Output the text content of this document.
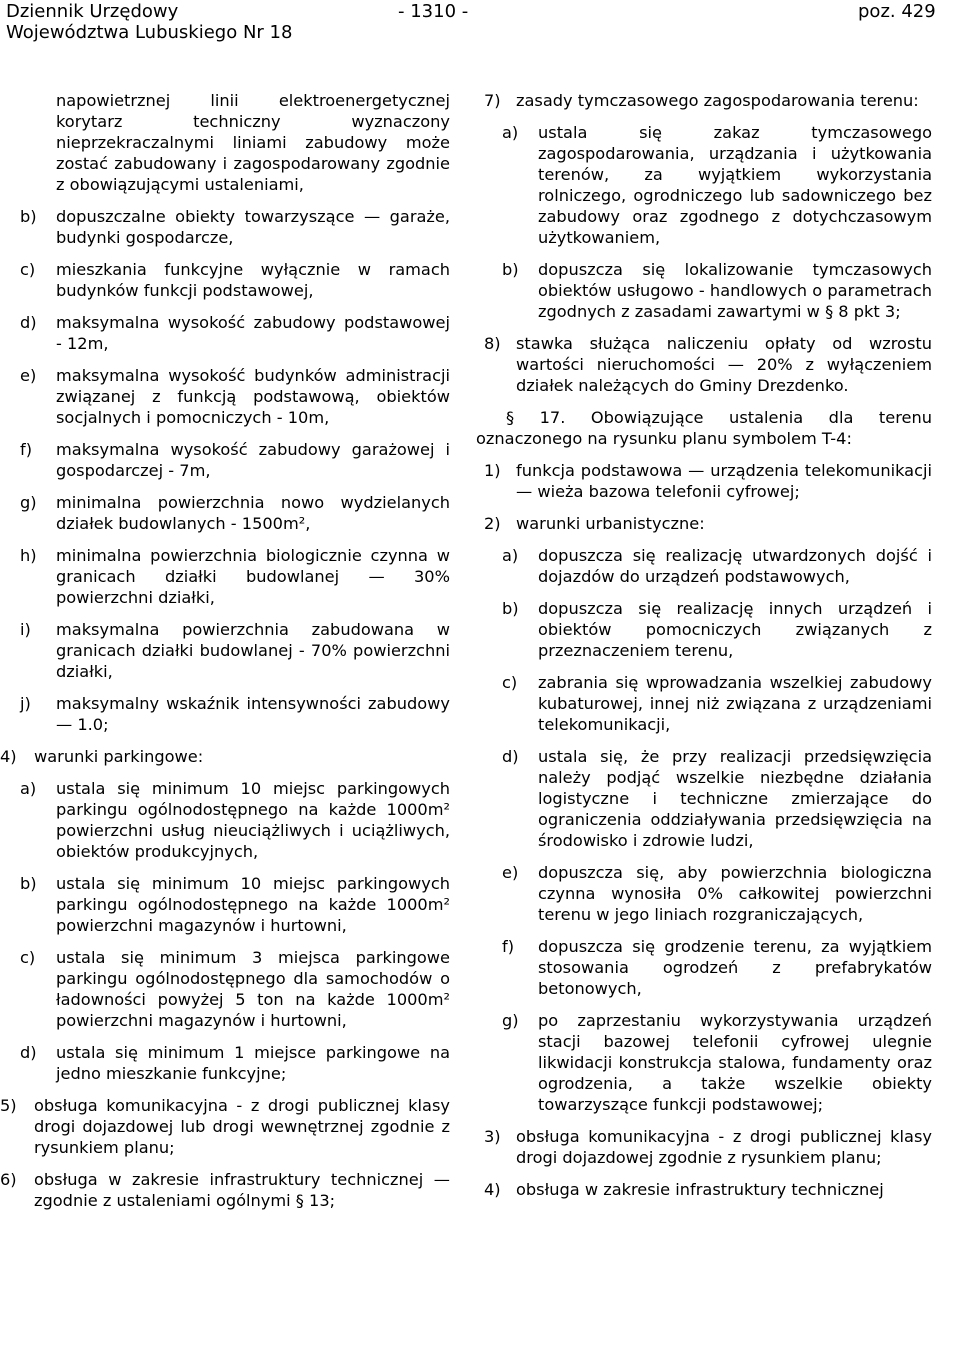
Dziennik Urzędowy
Województwa Lubuskiego Nr 18
- 1310 -	poz. 429
napowietrznej linii elektroenergetycznej korytarz techniczny wyznaczony nieprzekraczalnymi liniami zabudowy może zostać zabudowany i zagospodarowany zgodnie z obowiązującymi ustaleniami,
b) dopuszczalne obiekty towarzyszące — garaże, budynki gospodarcze,
c) mieszkania funkcyjne wyłącznie w ramach budynków funkcji podstawowej,
d) maksymalna wysokość zabudowy podstawowej - 12m,
e) maksymalna wysokość budynków administracji związanej z funkcją podstawową, obiektów socjalnych i pomocniczych - 10m,
f) maksymalna wysokość zabudowy garażowej i gospodarczej - 7m,
g) minimalna powierzchnia nowo wydzielanych działek budowlanych - 1500m²,
h) minimalna powierzchnia biologicznie czynna w granicach działki budowlanej — 30% powierzchni działki,
i) maksymalna powierzchnia zabudowana w granicach działki budowlanej - 70% powierzchni działki,
j) maksymalny wskaźnik intensywności zabudowy — 1.0;
4) warunki parkingowe:
a) ustala się minimum 10 miejsc parkingowych parkingu ogólnodostępnego na każde 1000m² powierzchni usług nieuciążliwych i uciążliwych, obiektów produkcyjnych,
b) ustala się minimum 10 miejsc parkingowych parkingu ogólnodostępnego na każde 1000m² powierzchni magazynów i hurtowni,
c) ustala się minimum 3 miejsca parkingowe parkingu ogólnodostępnego dla samochodów o ładowności powyżej 5 ton na każde 1000m² powierzchni magazynów i hurtowni,
d) ustala się minimum 1 miejsce parkingowe na jedno mieszkanie funkcyjne;
5) obsługa komunikacyjna - z drogi publicznej klasy drogi dojazdowej lub drogi wewnętrznej zgodnie z rysunkiem planu;
6) obsługa w zakresie infrastruktury technicznej — zgodnie z ustaleniami ogólnymi § 13;
7) zasady tymczasowego zagospodarowania terenu:
a) ustala się zakaz tymczasowego zagospodarowania, urządzania i użytkowania terenów, za wyjątkiem wykorzystania rolniczego, ogrodniczego lub sadowniczego bez zabudowy oraz zgodnego z dotychczasowym użytkowaniem,
b) dopuszcza się lokalizowanie tymczasowych obiektów usługowo - handlowych o parametrach zgodnych z zasadami zawartymi w § 8 pkt 3;
8) stawka służąca naliczeniu opłaty od wzrostu wartości nieruchomości — 20% z wyłączeniem działek należących do Gminy Drezdenko.
§ 17. Obowiązujące ustalenia dla terenu oznaczonego na rysunku planu symbolem T-4:
1) funkcja podstawowa — urządzenia telekomunikacji — wieża bazowa telefonii cyfrowej;
2) warunki urbanistyczne:
a) dopuszcza się realizację utwardzonych dojść i dojazdów do urządzeń podstawowych,
b) dopuszcza się realizację innych urządzeń i obiektów pomocniczych związanych z przeznaczeniem terenu,
c) zabrania się wprowadzania wszelkiej zabudowy kubaturowej, innej niż związana z urządzeniami telekomunikacji,
d) ustala się, że przy realizacji przedsięwzięcia należy podjąć wszelkie niezbędne działania logistyczne i techniczne zmierzające do ograniczenia oddziaływania przedsięwzięcia na środowisko i zdrowie ludzi,
e) dopuszcza się, aby powierzchnia biologiczna czynna wynosiła 0% całkowitej powierzchni terenu w jego liniach rozgraniczających,
f) dopuszcza się grodzenie terenu, za wyjątkiem stosowania ogrodzeń z prefabrykatów betonowych,
g) po zaprzestaniu wykorzystywania urządzeń stacji bazowej telefonii cyfrowej ulegnie likwidacji konstrukcja stalowa, fundamenty oraz ogrodzenia, a także wszelkie obiekty towarzyszące funkcji podstawowej;
3) obsługa komunikacyjna - z drogi publicznej klasy drogi dojazdowej zgodnie z rysunkiem planu;
4) obsługa w zakresie infrastruktury technicznej
